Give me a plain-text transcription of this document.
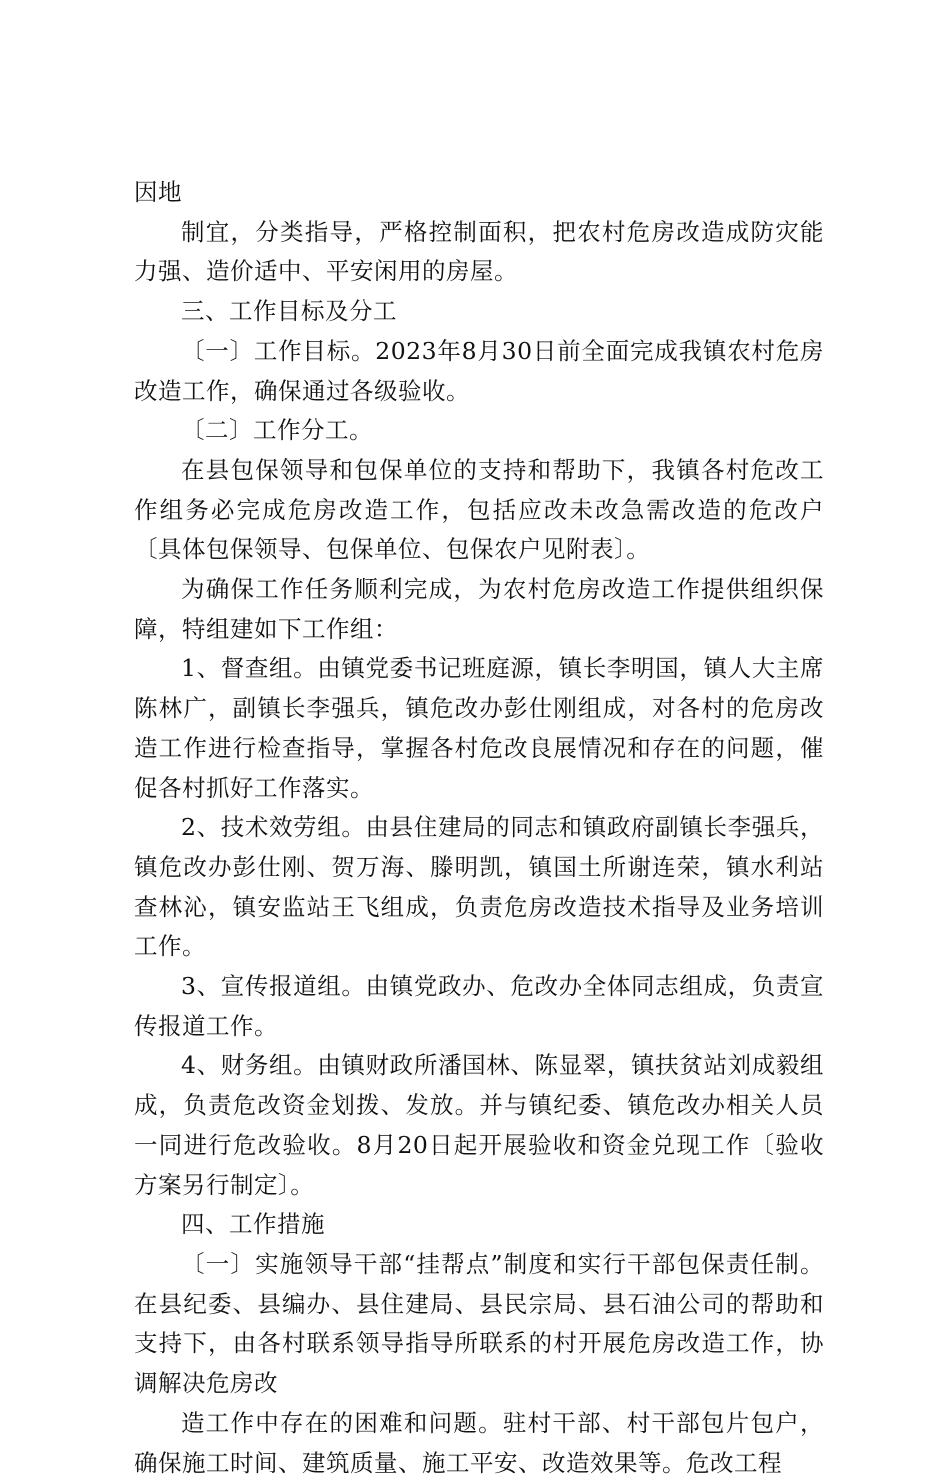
因地

制宜，分类指导，严格控制面积，把农村危房改造成防灾能力强、造价适中、平安闲用的房屋。

三、工作目标及分工

〔一〕工作目标。2023年8月30日前全面完成我镇农村危房改造工作，确保通过各级验收。

〔二〕工作分工。

在县包保领导和包保单位的支持和帮助下，我镇各村危改工作组务必完成危房改造工作，包括应改未改急需改造的危改户〔具体包保领导、包保单位、包保农户见附表〕。

为确保工作任务顺利完成，为农村危房改造工作提供组织保障，特组建如下工作组：

1、督查组。由镇党委书记班庭源，镇长李明国，镇人大主席陈林广，副镇长李强兵，镇危改办彭仕刚组成，对各村的危房改造工作进行检查指导，掌握各村危改良展情况和存在的问题，催促各村抓好工作落实。

2、技术效劳组。由县住建局的同志和镇政府副镇长李强兵，镇危改办彭仕刚、贺万海、滕明凯，镇国土所谢连荣，镇水利站查林沁，镇安监站王飞组成，负责危房改造技术指导及业务培训工作。

3、宣传报道组。由镇党政办、危改办全体同志组成，负责宣传报道工作。

4、财务组。由镇财政所潘国林、陈显翠，镇扶贫站刘成毅组成，负责危改资金划拨、发放。并与镇纪委、镇危改办相关人员一同进行危改验收。8月20日起开展验收和资金兑现工作〔验收方案另行制定〕。

四、工作措施

〔一〕实施领导干部“挂帮点”制度和实行干部包保责任制。在县纪委、县编办、县住建局、县民宗局、县石油公司的帮助和支持下，由各村联系领导指导所联系的村开展危房改造工作，协调解决危房改

造工作中存在的困难和问题。驻村干部、村干部包片包户，确保施工时间、建筑质量、施工平安、改造效果等。危改工程
